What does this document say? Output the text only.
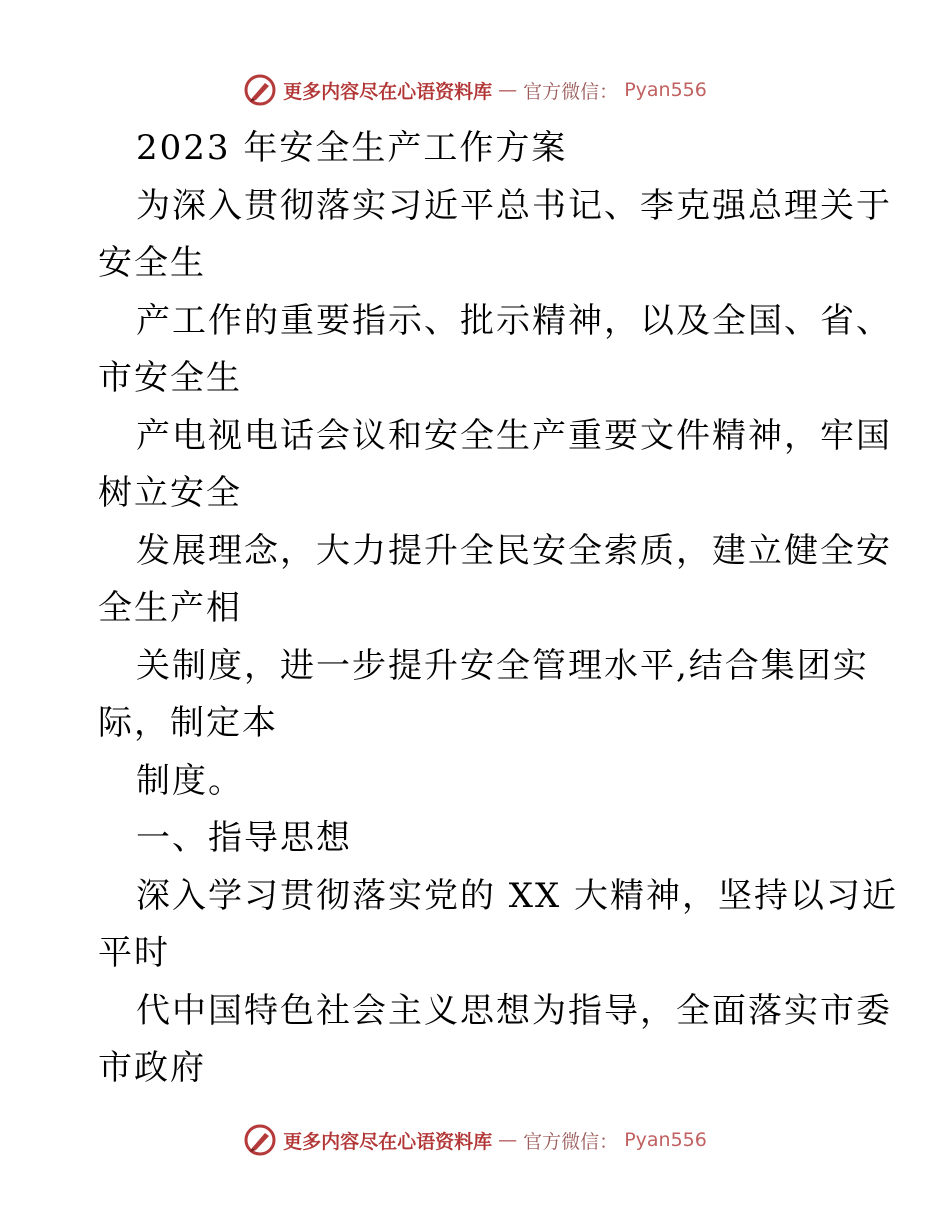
更多内容尽在心语资料库 — 官方微信： Pyan556
2023 年安全生产工作方案
为深入贯彻落实习近平总书记、李克强总理关于
安全生
产工作的重要指示、批示精神，以及全国、省、
市安全生
产电视电话会议和安全生产重要文件精神，牢国
树立安全
发展理念，大力提升全民安全索质，建立健全安
全生产相
关制度，进一步提升安全管理水平,结合集团实
际，制定本
制度。
一、指导思想
深入学习贯彻落实党的 XX 大精神，坚持以习近
平时
代中国特色社会主义思想为指导，全面落实市委
市政府
更多内容尽在心语资料库 — 官方微信： Pyan556
